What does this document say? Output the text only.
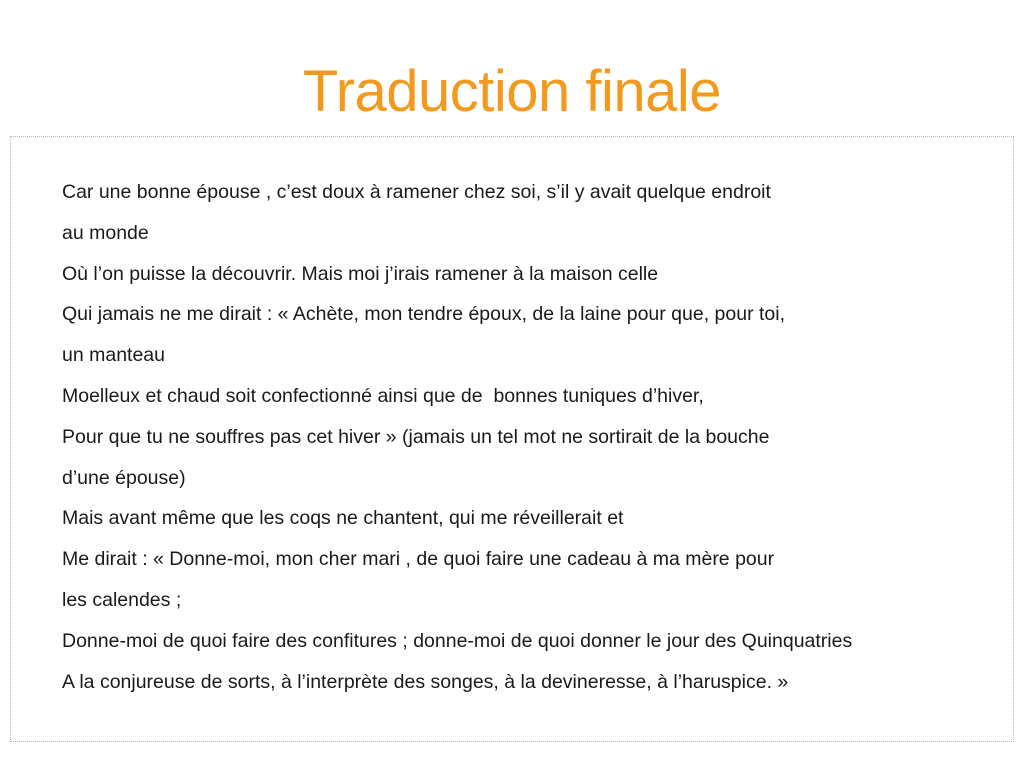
Traduction finale
Car une bonne épouse , c’est doux à ramener chez soi, s’il y avait quelque endroit
au monde
Où l’on puisse la découvrir. Mais moi j’irais ramener à la maison celle
Qui jamais ne me dirait : « Achète, mon tendre époux, de la laine pour que, pour toi,
un manteau
Moelleux et chaud soit confectionné ainsi que de  bonnes tuniques d’hiver,
Pour que tu ne souffres pas cet hiver » (jamais un tel mot ne sortirait de la bouche
d’une épouse)
Mais avant même que les coqs ne chantent, qui me réveillerait et
Me dirait : « Donne-moi, mon cher mari , de quoi faire une cadeau à ma mère pour
les calendes ;
Donne-moi de quoi faire des confitures ; donne-moi de quoi donner le jour des Quinquatries
A la conjureuse de sorts, à l’interprète des songes, à la devineresse, à l’haruspice. »
